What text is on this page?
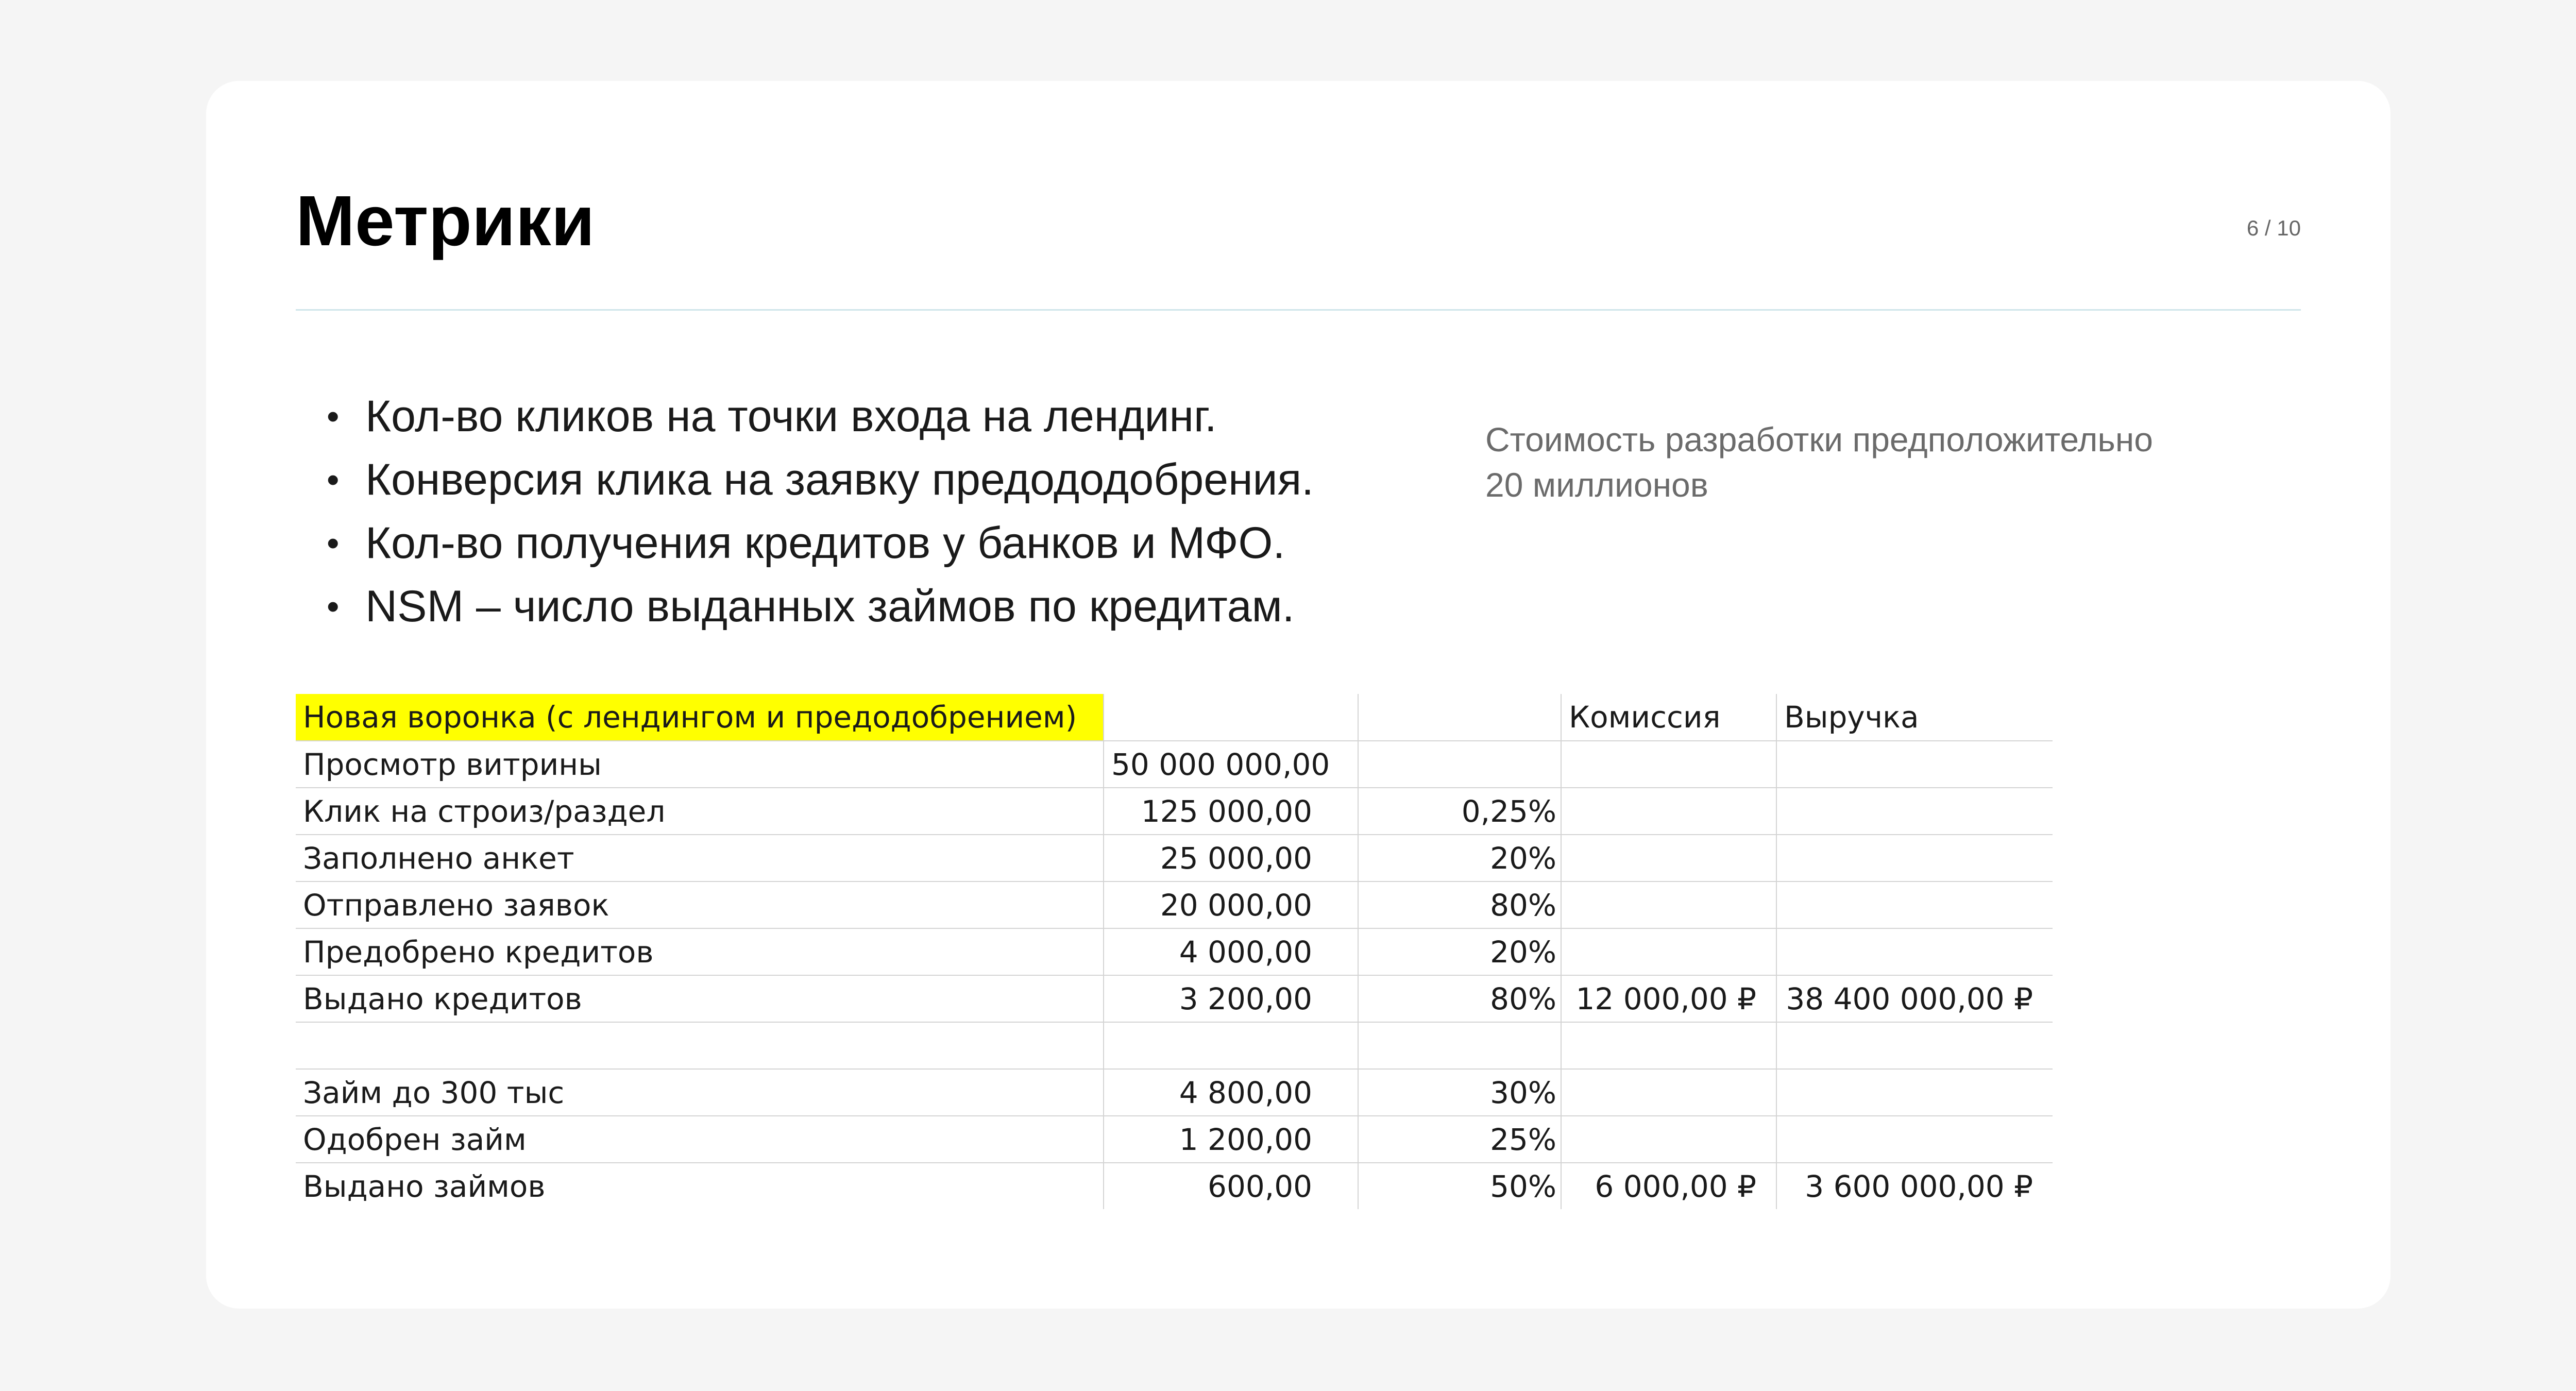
Метрики	6 / 10
• Кол-во кликов на точки входа на лендинг.
• Конверсия клика на заявку предододобрения.
• Кол-во получения кредитов у банков и МФО.
• NSM – число выданных займов по кредитам.
Стоимость разработки предположительно
20 миллионов
Новая воронка (с лендингом и предодобрением)			Комиссия	Выручка
Просмотр витрины	50 000 000,00			
Клик на строиз/раздел	125 000,00	0,25%		
Заполнено анкет	25 000,00	20%		
Отправлено заявок	20 000,00	80%		
Предобрено кредитов	4 000,00	20%		
Выдано кредитов	3 200,00	80%	12 000,00 ₽	38 400 000,00 ₽

Займ до 300 тыс	4 800,00	30%		
Одобрен займ	1 200,00	25%		
Выдано займов	600,00	50%	6 000,00 ₽	3 600 000,00 ₽
